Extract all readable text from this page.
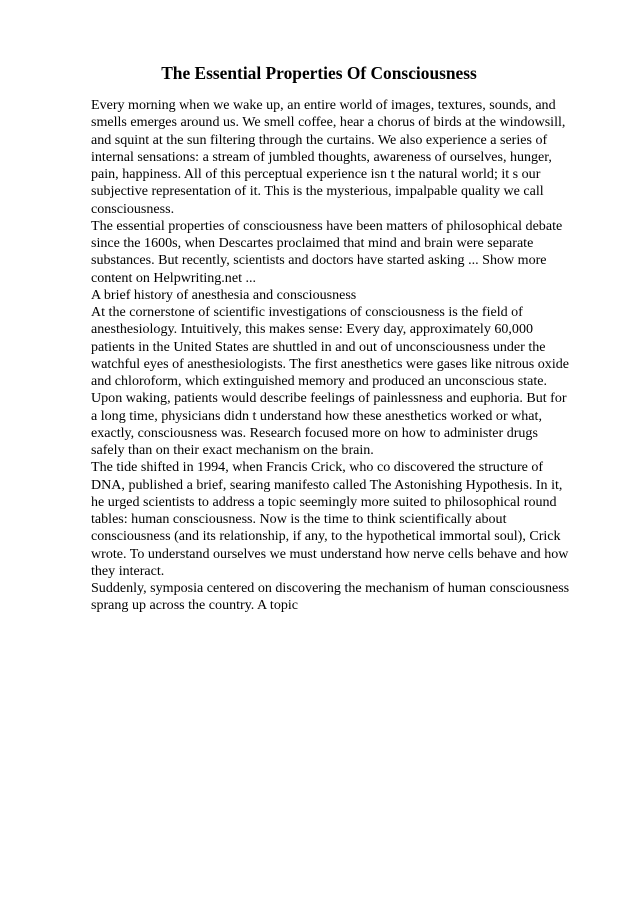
The Essential Properties Of Consciousness
Every morning when we wake up, an entire world of images, textures, sounds, and
smells emerges around us. We smell coffee, hear a chorus of birds at the windowsill,
and squint at the sun filtering through the curtains. We also experience a series of
internal sensations: a stream of jumbled thoughts, awareness of ourselves, hunger,
pain, happiness. All of this perceptual experience isn t the natural world; it s our
subjective representation of it. This is the mysterious, impalpable quality we call
consciousness.
The essential properties of consciousness have been matters of philosophical debate
since the 1600s, when Descartes proclaimed that mind and brain were separate
substances. But recently, scientists and doctors have started asking ... Show more
content on Helpwriting.net ...
A brief history of anesthesia and consciousness
At the cornerstone of scientific investigations of consciousness is the field of
anesthesiology. Intuitively, this makes sense: Every day, approximately 60,000
patients in the United States are shuttled in and out of unconsciousness under the
watchful eyes of anesthesiologists. The first anesthetics were gases like nitrous oxide
and chloroform, which extinguished memory and produced an unconscious state.
Upon waking, patients would describe feelings of painlessness and euphoria. But for
a long time, physicians didn t understand how these anesthetics worked or what,
exactly, consciousness was. Research focused more on how to administer drugs
safely than on their exact mechanism on the brain.
The tide shifted in 1994, when Francis Crick, who co discovered the structure of
DNA, published a brief, searing manifesto called The Astonishing Hypothesis. In it,
he urged scientists to address a topic seemingly more suited to philosophical round
tables: human consciousness. Now is the time to think scientifically about
consciousness (and its relationship, if any, to the hypothetical immortal soul), Crick
wrote. To understand ourselves we must understand how nerve cells behave and how
they interact.
Suddenly, symposia centered on discovering the mechanism of human consciousness
sprang up across the country. A topic
